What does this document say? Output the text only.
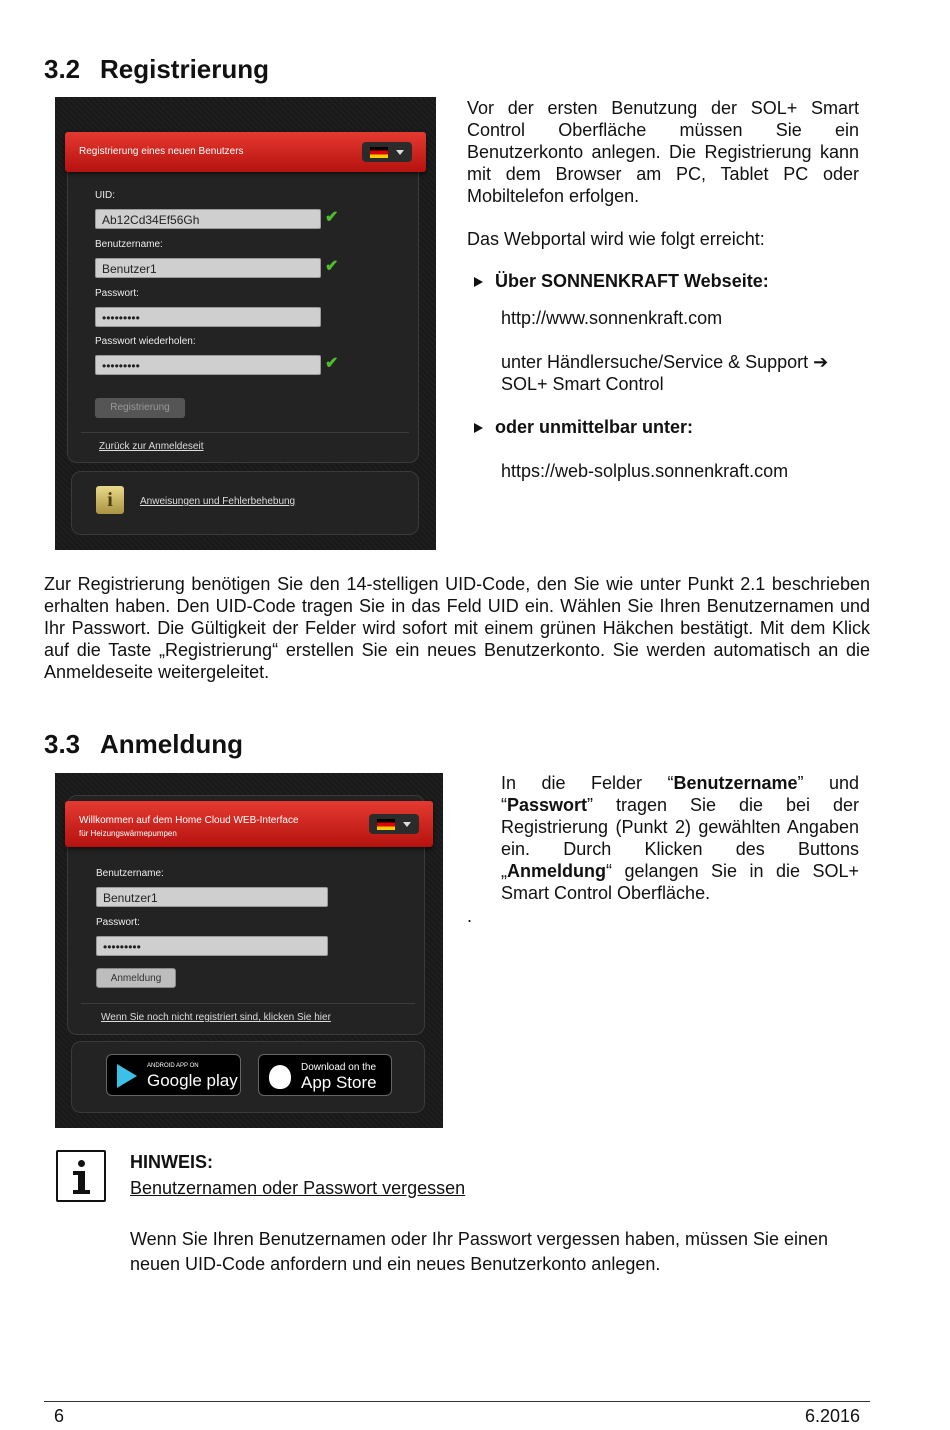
3.2 Registrierung
Registrierung eines neuen Benutzers
UID:
Ab12Cd34Ef56Gh	✔
Benutzername:
Benutzer1	✔
Passwort:
•••••••••
Passwort wiederholen:
•••••••••	✔
Registrierung
Zurück zur Anmeldeseit
i	Anweisungen und Fehlerbehebung
Vor der ersten Benutzung der SOL+ Smart Control Oberfläche müssen Sie ein Benutzerkonto anlegen. Die Registrierung kann mit dem Browser am PC, Tablet PC oder Mobiltelefon erfolgen.
Das Webportal wird wie folgt erreicht:
Über SONNENKRAFT Webseite:
http://www.sonnenkraft.com
unter Händlersuche/Service & Support ➔ SOL+ Smart Control
oder unmittelbar unter:
https://web-solplus.sonnenkraft.com
Zur Registrierung benötigen Sie den 14-stelligen UID-Code, den Sie wie unter Punkt 2.1 beschrieben erhalten haben. Den UID-Code tragen Sie in das Feld UID ein. Wählen Sie Ihren Benutzernamen und Ihr Passwort. Die Gültigkeit der Felder wird sofort mit einem grünen Häkchen bestätigt. Mit dem Klick auf die Taste „Registrierung“ erstellen Sie ein neues Benutzerkonto. Sie werden automatisch an die Anmeldeseite weitergeleitet.
3.3 Anmeldung
Willkommen auf dem Home Cloud WEB-Interface
für Heizungswärmepumpen
Benutzername:
Benutzer1
Passwort:
•••••••••
Anmeldung
Wenn Sie noch nicht registriert sind, klicken Sie hier
ANDROID APP ON
Google play
Download on the
App Store
In die Felder “Benutzername” und “Passwort” tragen Sie die bei der Registrierung (Punkt 2) gewählten Angaben ein. Durch Klicken des Buttons „Anmeldung“ gelangen Sie in die SOL+ Smart Control Oberfläche.
.
HINWEIS:
Benutzernamen oder Passwort vergessen
Wenn Sie Ihren Benutzernamen oder Ihr Passwort vergessen haben, müssen Sie einen neuen UID-Code anfordern und ein neues Benutzerkonto anlegen.
6	6.2016
